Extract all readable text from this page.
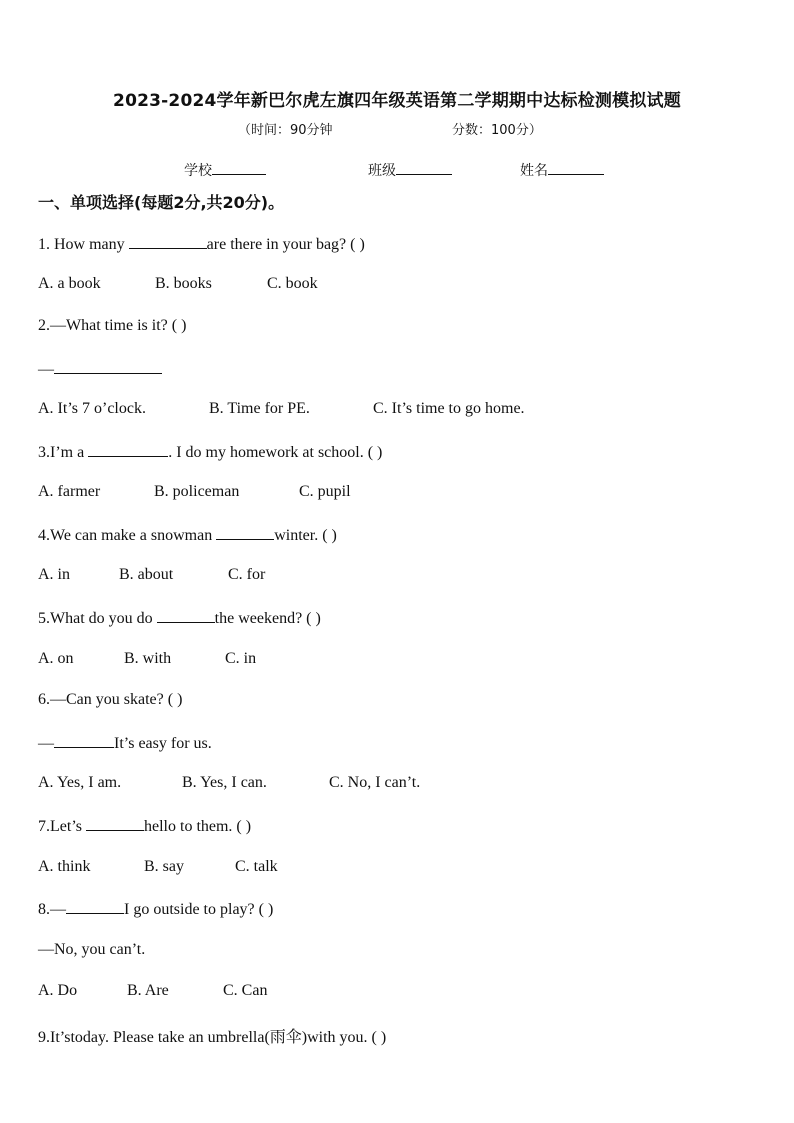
2023-2024学年新巴尔虎左旗四年级英语第二学期期中达标检测模拟试题
（时间：90分钟	分数：100分）
学校	班级	姓名
一、单项选择(每题2分,共20分)。
1. How many	are there in your bag? ( )
A. a book	B. books	C. book
2.—What time is it? ( )
—
A. It’s 7 o’clock.	B. Time for PE.	C. It’s time to go home.
3.I’m a	. I do my homework at school. ( )
A. farmer	B. policeman	C. pupil
4.We can make a snowman	winter. ( )
A. in	B. about	C. for
5.What do you do	the weekend? ( )
A. on	B. with	C. in
6.—Can you skate? ( )
—	It’s easy for us.
A. Yes, I am.	B. Yes, I can.	C. No, I can’t.
7.Let’s	hello to them. ( )
A. think	B. say	C. talk
8.—	I go outside to play? ( )
—No, you can’t.
A. Do	B. Are	C. Can
9.It’stoday. Please take an umbrella(雨伞)with you. ( )
